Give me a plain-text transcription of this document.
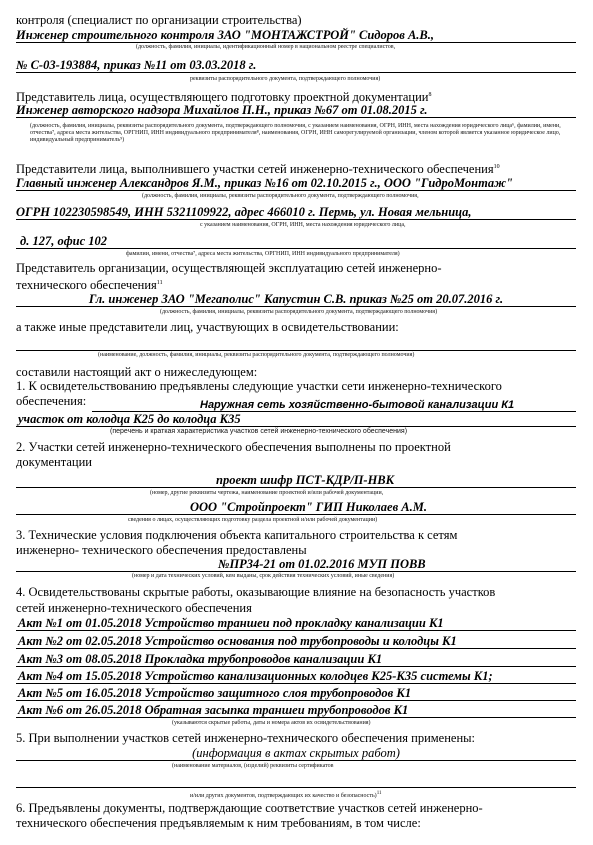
контроля (специалист по организации строительства)
Инженер строительного контроля ЗАО "МОНТАЖСТРОЙ" Сидоров А.В.,
(должность, фамилия, инициалы, идентификационный номер в национальном реестре специалистов,
№ С-03-193884, приказ №11 от 03.03.2018 г.
реквизиты распорядительного документа, подтверждающего полномочия)
Представитель лица, осуществляющего подготовку проектной документации$^8$
Инженер авторского надзора Михайлов П.Н., приказ №67 от 01.08.2015 г.
(должность, фамилия, инициалы, реквизиты распорядительного документа, подтверждающего полномочия, с указанием наименования, ОГРН, ИНН, места нахождения юридического лица⁶, фамилии, имени, отчества⁷, адреса места жительства, ОРГНИП, ИНН индивидуального предпринимателя⁸, наименования, ОГРН, ИНН саморегулируемой организации, членом которой является указанное юридическое лицо, индивидуальный предприниматель⁹)
Представители лица, выполнившего участки сетей инженерно-технического обеспечения$^{10}$
Главный инженер Александров Я.М., приказ №16 от 02.10.2015 г., ООО "ГидроМонтаж"
(должность, фамилия, инициалы, реквизиты распорядительного документа, подтверждающего полномочия,
ОГРН 102230598549, ИНН 5321109922, адрес 466010 г. Пермь, ул. Новая мельница,
с указанием наименования, ОГРН, ИНН, места нахождения юридического лица,
д. 127, офис 102
фамилии, имени, отчества⁷, адреса места жительства, ОРГНИП, ИНН индивидуального предпринимателя)
Представитель организации, осуществляющей эксплуатацию сетей инженерно-
технического обеспечения$^{11}$
Гл. инженер ЗАО "Мегаполис" Капустин С.В. приказ №25 от 20.07.2016 г.
(должность, фамилия, инициалы, реквизиты распорядительного документа, подтверждающего полномочия)
а также иные представители лиц, участвующих в освидетельствовании:
(наименование, должность, фамилия, инициалы, реквизиты распорядительного документа, подтверждающего полномочия)
составили настоящий акт о нижеследующем:
1. К освидетельствованию предъявлены следующие участки сети инженерно-технического
обеспечения:	Наружная сеть хозяйственно-бытовой канализации К1
участок от колодца К25 до колодца К35
(перечень и краткая характеристика участков сетей инженерно-технического обеспечения)
2. Участки сетей инженерно-технического обеспечения выполнены по проектной
документации
проект шифр ПСТ-КДР/П-НВК
(номер, другие реквизиты чертежа, наименование проектной и/или рабочей документации,
ООО "Стройпроект" ГИП Николаев А.М.
сведения о лицах, осуществляющих подготовку раздела проектной и/или рабочей документации)
3. Технические условия подключения объекта капитального строительства к сетям
инженерно- технического обеспечения предоставлены
№ПР34-21 от 01.02.2016 МУП ПОВВ
(номер и дата технических условий, кем выданы, срок действия технических условий, иные сведения)
4. Освидетельствованы скрытые работы, оказывающие влияние на безопасность участков
сетей инженерно-технического обеспечения
Акт №1 от 01.05.2018 Устройство траншеи под прокладку канализации К1
Акт №2 от 02.05.2018 Устройство основания под трубопроводы и колодцы К1
Акт №3 от 08.05.2018 Прокладка трубопроводов канализации К1
Акт №4 от 15.05.2018 Устройство канализационных колодцев К25-К35 системы К1;
Акт №5 от 16.05.2018 Устройство защитного слоя трубопроводов К1
Акт №6 от 26.05.2018 Обратная засыпка траншеи трубопроводов К1
(указываются скрытые работы, даты и номера актов их освидетельствования)
5. При выполнении участков сетей инженерно-технического обеспечения применены:
(информация в актах скрытых работ)
(наименование материалов, (изделий) реквизиты сертификатов
и/или других документов, подтверждающих их качество и безопасность)$^{11}$
6. Предъявлены документы, подтверждающие соответствие участков сетей инженерно-
технического обеспечения предъявляемым к ним требованиям, в том числе:
